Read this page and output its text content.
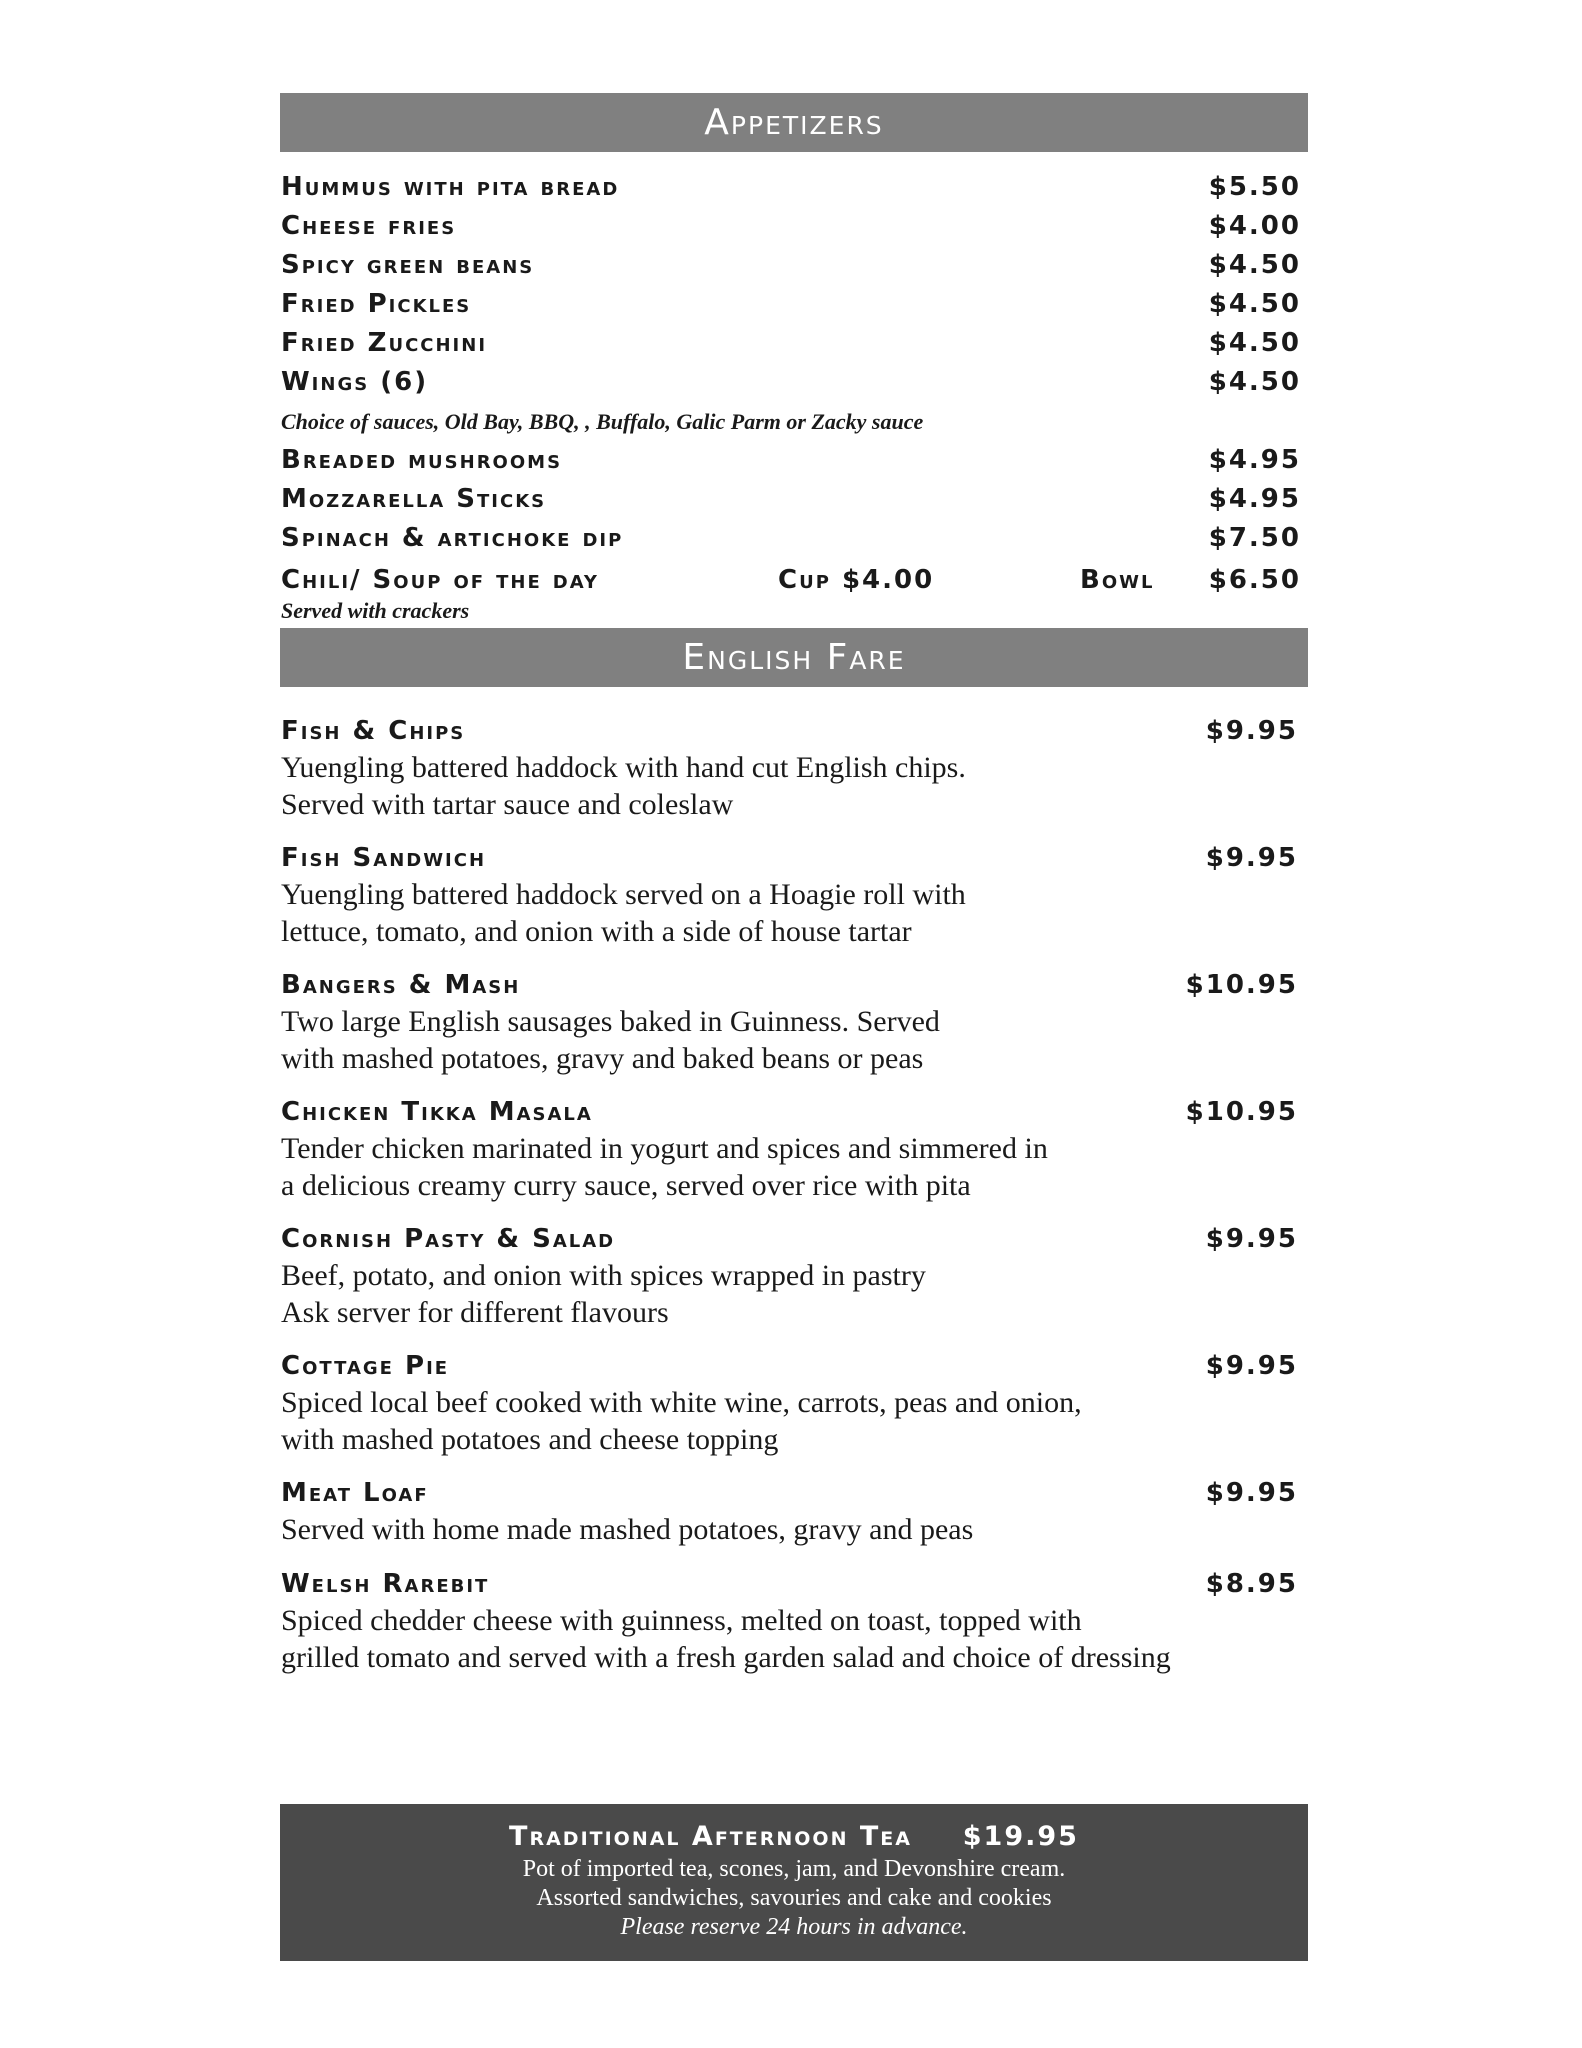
Appetizers
Hummus with pita bread	$5.50
Cheese fries	$4.00
Spicy green beans	$4.50
Fried Pickles	$4.50
Fried Zucchini	$4.50
Wings (6)	$4.50
Choice of sauces, Old Bay, BBQ, , Buffalo, Galic Parm or Zacky sauce
Breaded mushrooms	$4.95
Mozzarella Sticks	$4.95
Spinach & artichoke dip	$7.50
Chili/ Soup of the day	Cup $4.00	Bowl $6.50
Served with crackers
English Fare
Fish & Chips	$9.95
Yuengling battered haddock with hand cut English chips.
Served with tartar sauce and coleslaw
Fish Sandwich	$9.95
Yuengling battered haddock served on a Hoagie roll with
lettuce, tomato, and onion with a side of house tartar
Bangers & Mash	$10.95
Two large English sausages baked in Guinness. Served
with mashed potatoes, gravy and baked beans or peas
Chicken Tikka Masala	$10.95
Tender chicken marinated in yogurt and spices and simmered in
a delicious creamy curry sauce, served over rice with pita
Cornish Pasty & Salad	$9.95
Beef, potato, and onion with spices wrapped in pastry
Ask server for different flavours
Cottage Pie	$9.95
Spiced local beef cooked with white wine, carrots, peas and onion,
with mashed potatoes and cheese topping
Meat Loaf	$9.95
Served with home made mashed potatoes, gravy and peas
Welsh Rarebit	$8.95
Spiced chedder cheese with guinness, melted on toast, topped with
grilled tomato and served with a fresh garden salad and choice of dressing
Traditional Afternoon Tea $19.95
Pot of imported tea, scones, jam, and Devonshire cream.
Assorted sandwiches, savouries and cake and cookies
Please reserve 24 hours in advance.
